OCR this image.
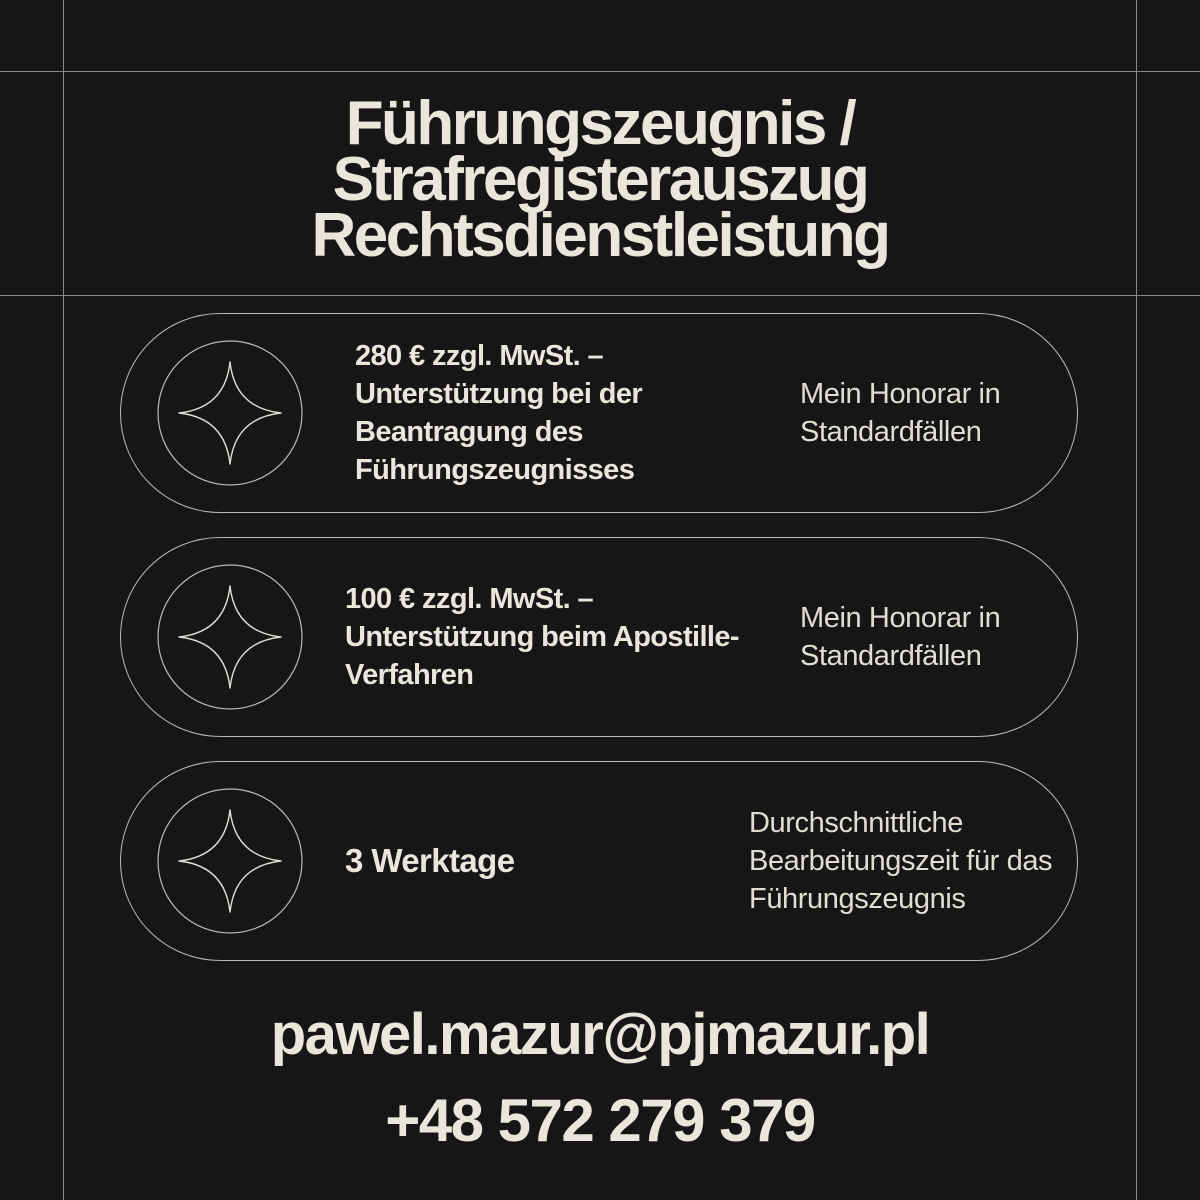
Führungszeugnis /
Strafregisterauszug
Rechtsdienstleistung

280 € zzgl. MwSt. – Unterstützung bei der Beantragung des Führungszeugnisses

Mein Honorar in Standardfällen

100 € zzgl. MwSt. – Unterstützung beim Apostille-Verfahren

Mein Honorar in Standardfällen

3 Werktage

Durchschnittliche Bearbeitungszeit für das Führungszeugnis

pawel.mazur@pjmazur.pl

+48 572 279 379
